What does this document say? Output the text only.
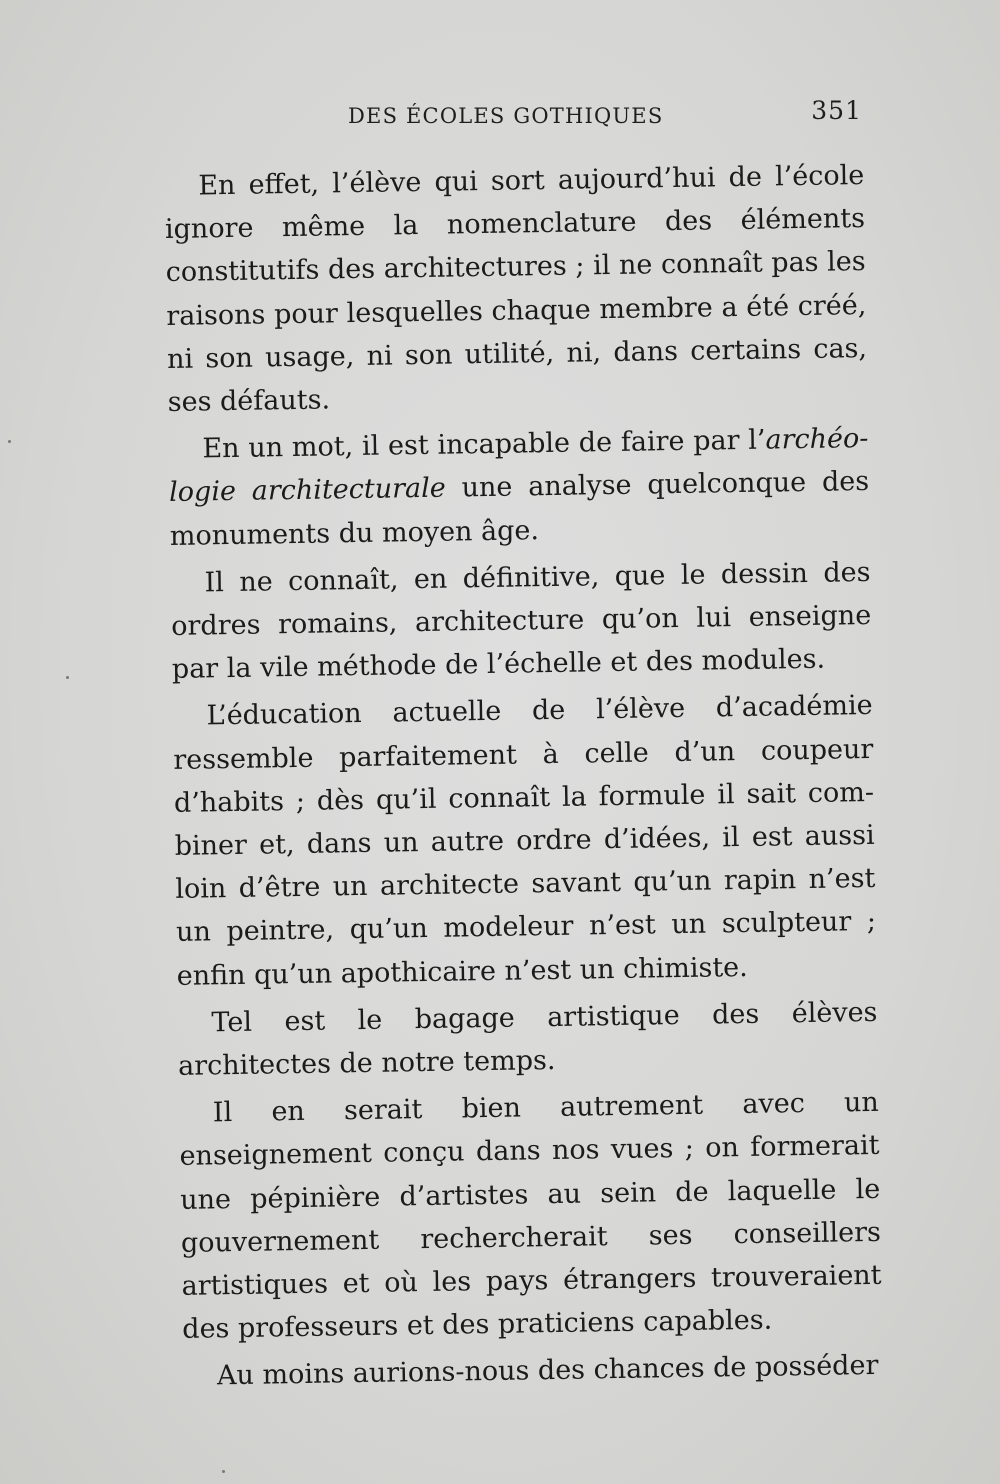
DES ÉCOLES GOTHIQUES	351

En effet, l’élève qui sort aujourd’hui de l’école ignore même la nomenclature des éléments constitutifs des architectures ; il ne connaît pas les raisons pour lesquelles chaque membre a été créé, ni son usage, ni son utilité, ni, dans certains cas, ses défauts.

En un mot, il est incapable de faire par l’archéologie architecturale une analyse quelconque des monuments du moyen âge.

Il ne connaît, en définitive, que le dessin des ordres romains, architecture qu’on lui enseigne par la vile méthode de l’échelle et des modules.

L’éducation actuelle de l’élève d’académie ressemble parfaitement à celle d’un coupeur d’habits ; dès qu’il connaît la formule il sait combiner et, dans un autre ordre d’idées, il est aussi loin d’être un architecte savant qu’un rapin n’est un peintre, qu’un modeleur n’est un sculpteur ; enfin qu’un apothicaire n’est un chimiste.

Tel est le bagage artistique des élèves architectes de notre temps.

Il en serait bien autrement avec un enseignement conçu dans nos vues ; on formerait une pépinière d’artistes au sein de laquelle le gouvernement rechercherait ses conseillers artistiques et où les pays étrangers trouveraient des professeurs et des praticiens capables.

Au moins aurions-nous des chances de posséder
